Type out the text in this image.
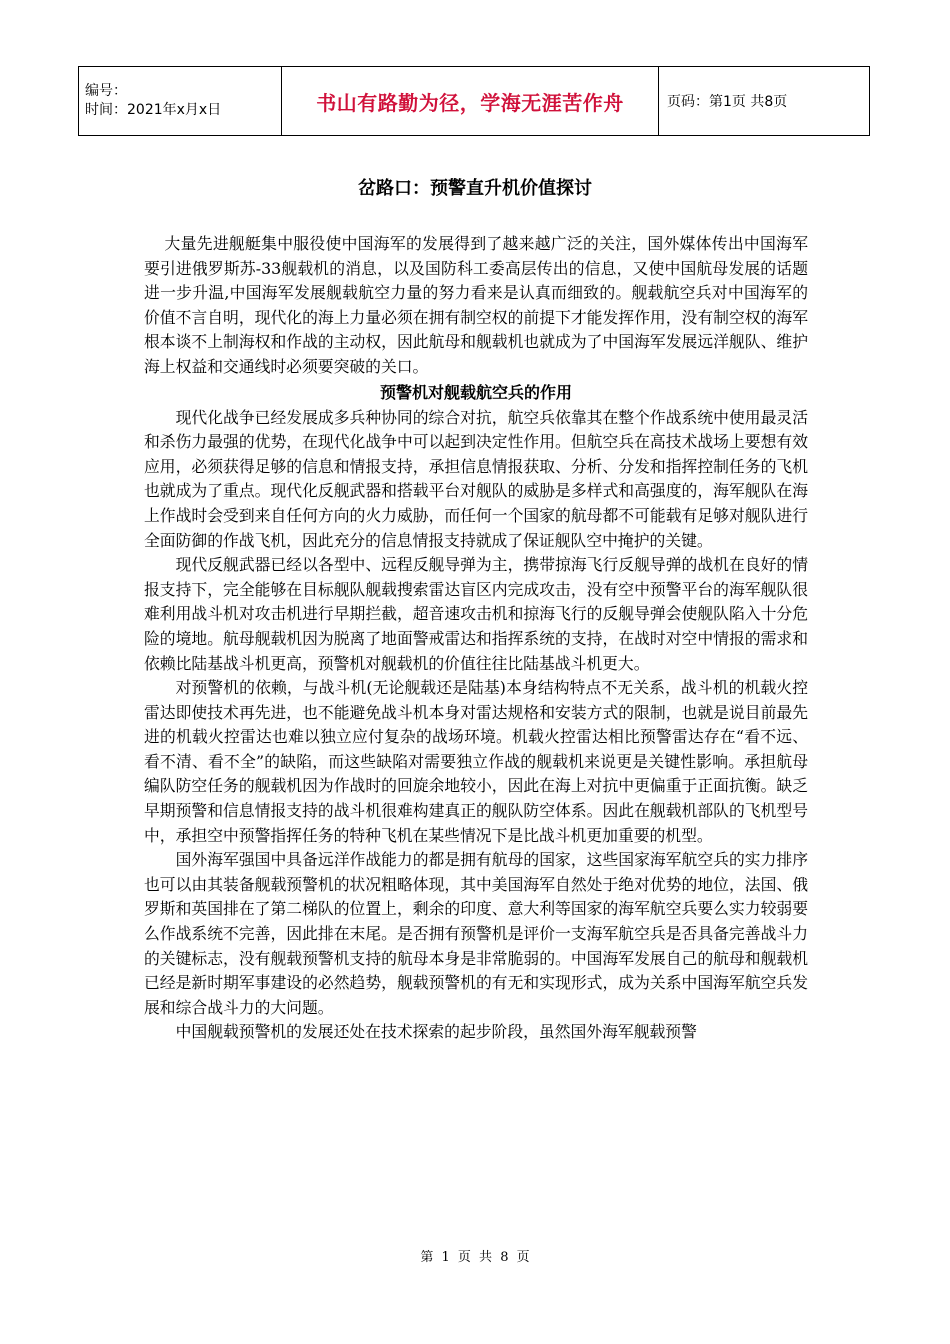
编号：
时间：2021年x月x日	书山有路勤为径，学海无涯苦作舟	页码：第1页 共8页
岔路口：预警直升机价值探讨

大量先进舰艇集中服役使中国海军的发展得到了越来越广泛的关注，国外媒体传出中国海军要引进俄罗斯苏-33舰载机的消息，以及国防科工委高层传出的信息，又使中国航母发展的话题进一步升温,中国海军发展舰载航空力量的努力看来是认真而细致的。舰载航空兵对中国海军的价值不言自明，现代化的海上力量必须在拥有制空权的前提下才能发挥作用，没有制空权的海军根本谈不上制海权和作战的主动权，因此航母和舰载机也就成为了中国海军发展远洋舰队、维护海上权益和交通线时必须要突破的关口。

预警机对舰载航空兵的作用

现代化战争已经发展成多兵种协同的综合对抗，航空兵依靠其在整个作战系统中使用最灵活和杀伤力最强的优势，在现代化战争中可以起到决定性作用。但航空兵在高技术战场上要想有效应用，必须获得足够的信息和情报支持，承担信息情报获取、分析、分发和指挥控制任务的飞机也就成为了重点。现代化反舰武器和搭载平台对舰队的威胁是多样式和高强度的，海军舰队在海上作战时会受到来自任何方向的火力威胁，而任何一个国家的航母都不可能载有足够对舰队进行全面防御的作战飞机，因此充分的信息情报支持就成了保证舰队空中掩护的关键。

现代反舰武器已经以各型中、远程反舰导弹为主，携带掠海飞行反舰导弹的战机在良好的情报支持下，完全能够在目标舰队舰载搜索雷达盲区内完成攻击，没有空中预警平台的海军舰队很难利用战斗机对攻击机进行早期拦截，超音速攻击机和掠海飞行的反舰导弹会使舰队陷入十分危险的境地。航母舰载机因为脱离了地面警戒雷达和指挥系统的支持，在战时对空中情报的需求和依赖比陆基战斗机更高，预警机对舰载机的价值往往比陆基战斗机更大。

对预警机的依赖，与战斗机(无论舰载还是陆基)本身结构特点不无关系，战斗机的机载火控雷达即使技术再先进，也不能避免战斗机本身对雷达规格和安装方式的限制，也就是说目前最先进的机载火控雷达也难以独立应付复杂的战场环境。机载火控雷达相比预警雷达存在“看不远、看不清、看不全”的缺陷，而这些缺陷对需要独立作战的舰载机来说更是关键性影响。承担航母编队防空任务的舰载机因为作战时的回旋余地较小，因此在海上对抗中更偏重于正面抗衡。缺乏早期预警和信息情报支持的战斗机很难构建真正的舰队防空体系。因此在舰载机部队的飞机型号中，承担空中预警指挥任务的特种飞机在某些情况下是比战斗机更加重要的机型。

国外海军强国中具备远洋作战能力的都是拥有航母的国家，这些国家海军航空兵的实力排序也可以由其装备舰载预警机的状况粗略体现，其中美国海军自然处于绝对优势的地位，法国、俄罗斯和英国排在了第二梯队的位置上，剩余的印度、意大利等国家的海军航空兵要么实力较弱要么作战系统不完善，因此排在末尾。是否拥有预警机是评价一支海军航空兵是否具备完善战斗力的关键标志，没有舰载预警机支持的航母本身是非常脆弱的。中国海军发展自己的航母和舰载机已经是新时期军事建设的必然趋势，舰载预警机的有无和实现形式，成为关系中国海军航空兵发展和综合战斗力的大问题。

中国舰载预警机的发展还处在技术探索的起步阶段，虽然国外海军舰载预警

第 1 页 共 8 页
